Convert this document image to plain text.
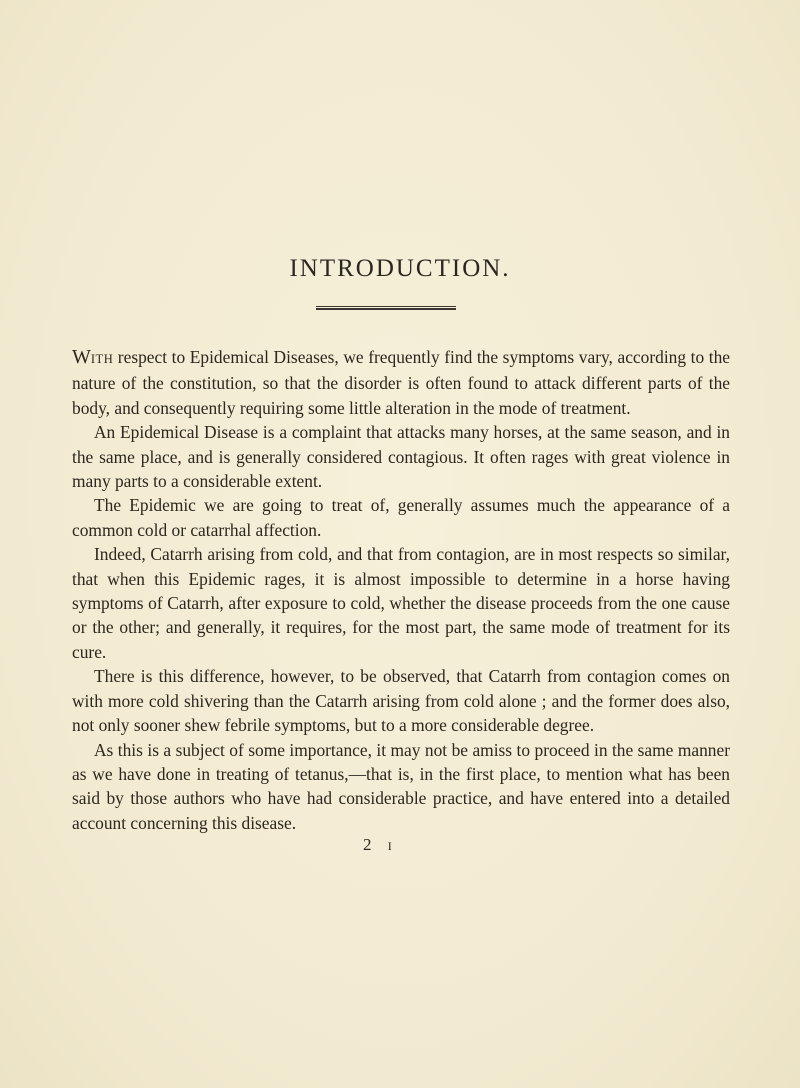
INTRODUCTION.

WITH respect to Epidemical Diseases, we frequently find the symptoms vary, according to the nature of the constitution, so that the disorder is often found to attack different parts of the body, and consequently requiring some little alteration in the mode of treatment.

An Epidemical Disease is a complaint that attacks many horses, at the same season, and in the same place, and is generally considered contagious. It often rages with great violence in many parts to a considerable extent.

The Epidemic we are going to treat of, generally assumes much the appearance of a common cold or catarrhal affection.

Indeed, Catarrh arising from cold, and that from contagion, are in most respects so similar, that when this Epidemic rages, it is almost impossible to determine in a horse having symptoms of Catarrh, after exposure to cold, whether the disease proceeds from the one cause or the other; and generally, it requires, for the most part, the same mode of treatment for its cure.

There is this difference, however, to be observed, that Catarrh from contagion comes on with more cold shivering than the Catarrh arising from cold alone ; and the former does also, not only sooner shew febrile symptoms, but to a more considerable degree.

As this is a subject of some importance, it may not be amiss to proceed in the same manner as we have done in treating of tetanus,—that is, in the first place, to mention what has been said by those authors who have had considerable practice, and have entered into a detailed account concerning this disease.

2 I
